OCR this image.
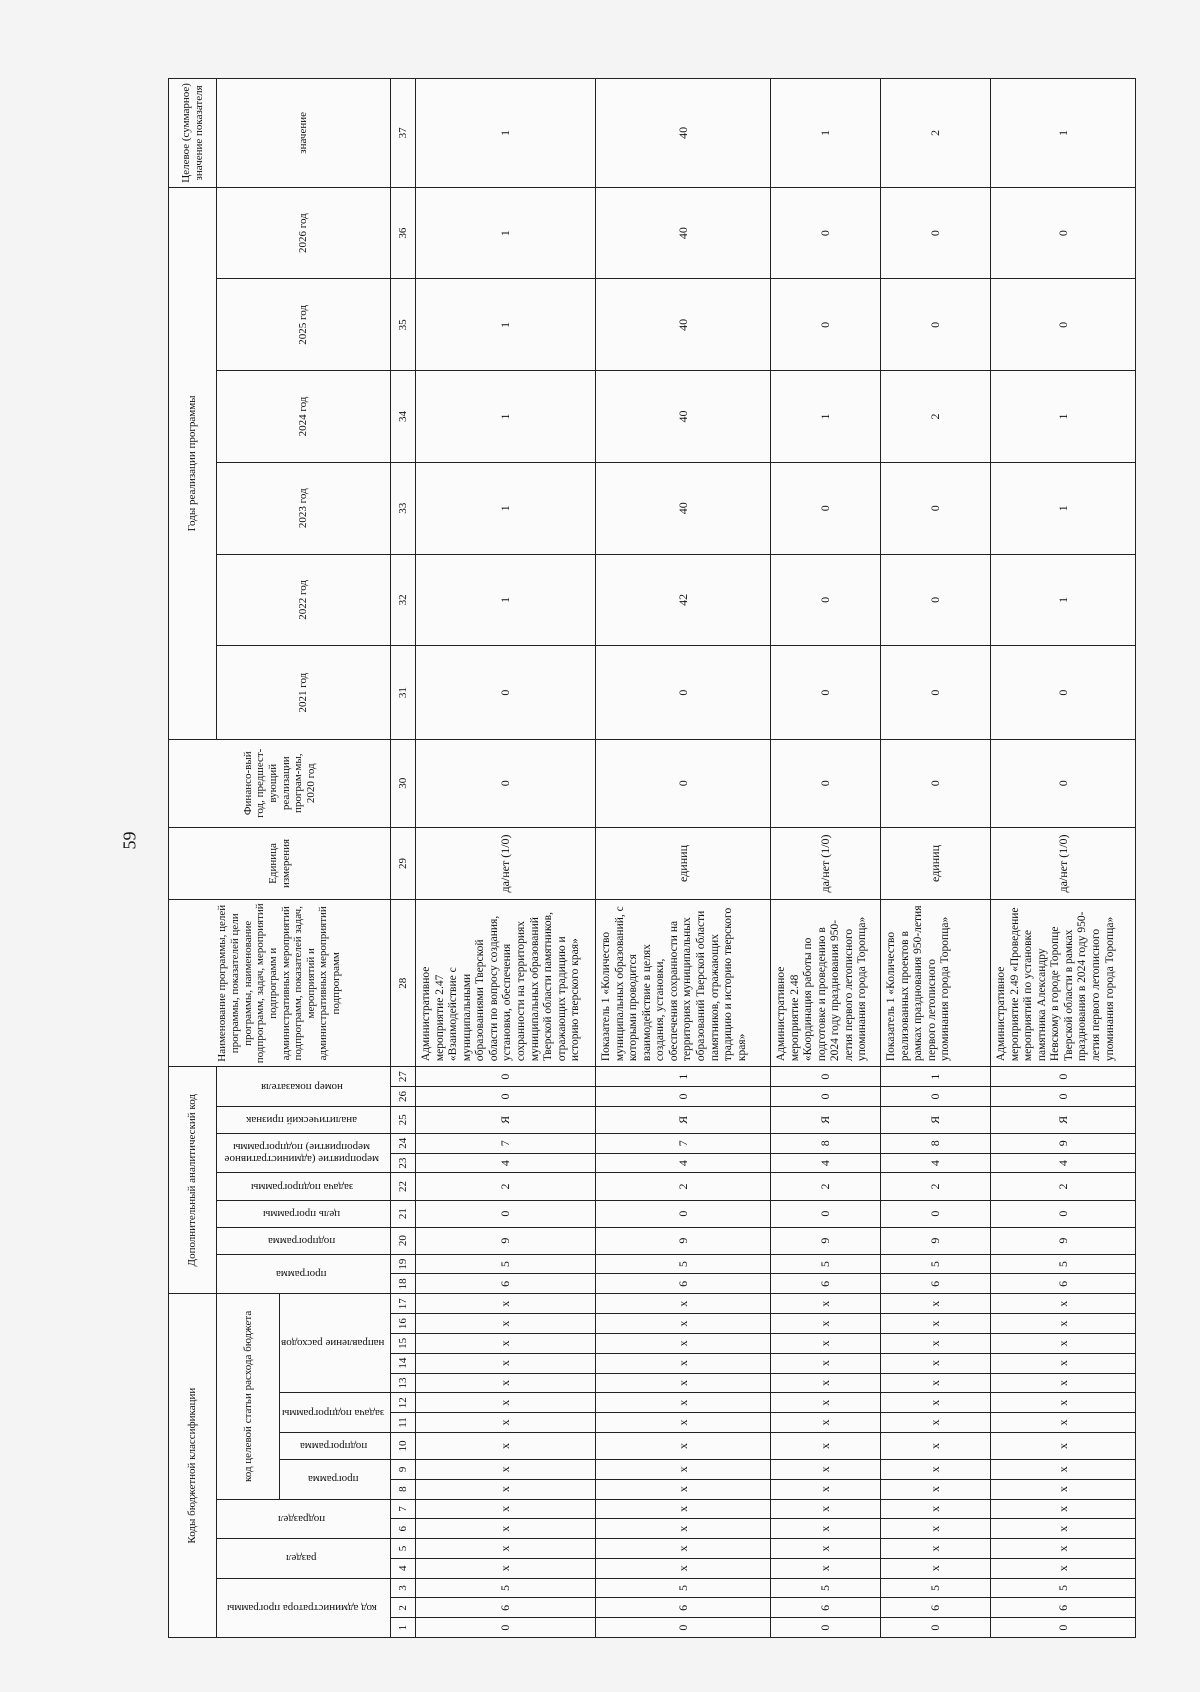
59
Коды бюджетной классификации																	Дополнительный аналитический код										Наименование программы, целей программы, показателей цели программы, наименование подпрограмм, задач, мероприятий подпрограмм и административных мероприятий подпрограмм, показателей задач, мероприятий и административных мероприятий подпрограмм	Единица измерения	Финансо-вый год, предшест-вующий реализации програм-мы, 2020 год	Годы реализации программы						Целевое (суммарное) значение показателя
код администратора программы			раздел		подраздел		код целевой статьи расхода бюджета										программа		подпрограмма	цель программы	задача подпрограммы	мероприятие (административное мероприятие) подпрограммы		аналитический признак	номер показателя					2021 год	2022 год	2023 год	2024 год	2025 год	2026 год	значение
							программа		подпрограмма	задача подпрограммы		направление расходов																								
1	2	3	4	5	6	7	8	9	10	11	12	13	14	15	16	17	18	19	20	21	22	23	24	25	26	27	28	29	30	31	32	33	34	35	36	37
0	6	5	х	х	х	х	х	х	х	х	х	х	х	х	х	х	6	5	9	0	2	4	7	Я	0	0	Административное мероприятие 2.47 «Взаимодействие с муниципальными образованиями Тверской области по вопросу создания, установки, обеспечения сохранности на территориях муниципальных образований Тверской области памятников, отражающих традицию и историю тверского края»	да/нет (1/0)	0	0	1	1	1	1	1	1
0	6	5	х	х	х	х	х	х	х	х	х	х	х	х	х	х	6	5	9	0	2	4	7	Я	0	1	Показатель 1 «Количество муниципальных образований, с которыми проводится взаимодействие в целях создания, установки, обеспечения сохранности на территориях муниципальных образований Тверской области памятников, отражающих традицию и историю тверского края»	единиц	0	0	42	40	40	40	40	40
0	6	5	х	х	х	х	х	х	х	х	х	х	х	х	х	х	6	5	9	0	2	4	8	Я	0	0	Административное мероприятие 2.48 «Координация работы по подготовке и проведению в 2024 году празднования 950-летия первого летописного упоминания города Торопца»	да/нет (1/0)	0	0	0	0	1	0	0	1
0	6	5	х	х	х	х	х	х	х	х	х	х	х	х	х	х	6	5	9	0	2	4	8	Я	0	1	Показатель 1 «Количество реализованных проектов в рамках празднования 950-летия первого летописного упоминания города Торопца»	единиц	0	0	0	0	2	0	0	2
0	6	5	х	х	х	х	х	х	х	х	х	х	х	х	х	х	6	5	9	0	2	4	9	Я	0	0	Административное мероприятие 2.49 «Проведение мероприятий по установке памятника Александру Невскому в городе Торопце Тверской области в рамках празднования в 2024 году 950-летия первого летописного упоминания города Торопца»	да/нет (1/0)	0	0	1	1	1	0	0	1
